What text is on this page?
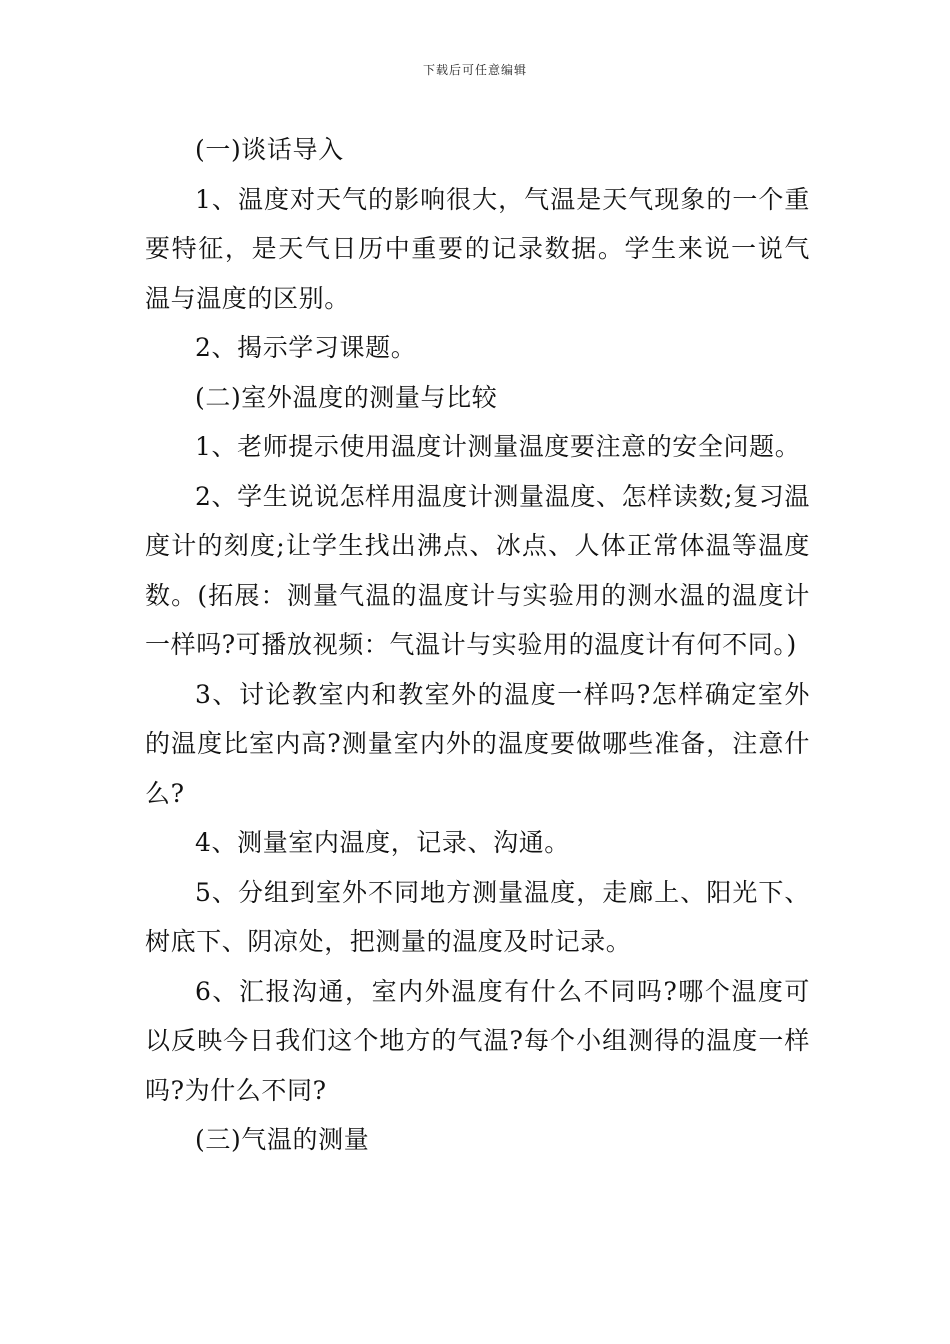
下载后可任意编辑

(一)谈话导入

1、温度对天气的影响很大，气温是天气现象的一个重要特征，是天气日历中重要的记录数据。学生来说一说气温与温度的区别。

2、揭示学习课题。

(二)室外温度的测量与比较

1、老师提示使用温度计测量温度要注意的安全问题。

2、学生说说怎样用温度计测量温度、怎样读数;复习温度计的刻度;让学生找出沸点、冰点、人体正常体温等温度数。(拓展：测量气温的温度计与实验用的测水温的温度计一样吗?可播放视频：气温计与实验用的温度计有何不同。)

3、讨论教室内和教室外的温度一样吗?怎样确定室外的温度比室内高?测量室内外的温度要做哪些准备，注意什么?

4、测量室内温度，记录、沟通。

5、分组到室外不同地方测量温度，走廊上、阳光下、树底下、阴凉处，把测量的温度及时记录。

6、汇报沟通，室内外温度有什么不同吗?哪个温度可以反映今日我们这个地方的气温?每个小组测得的温度一样吗?为什么不同?

(三)气温的测量
